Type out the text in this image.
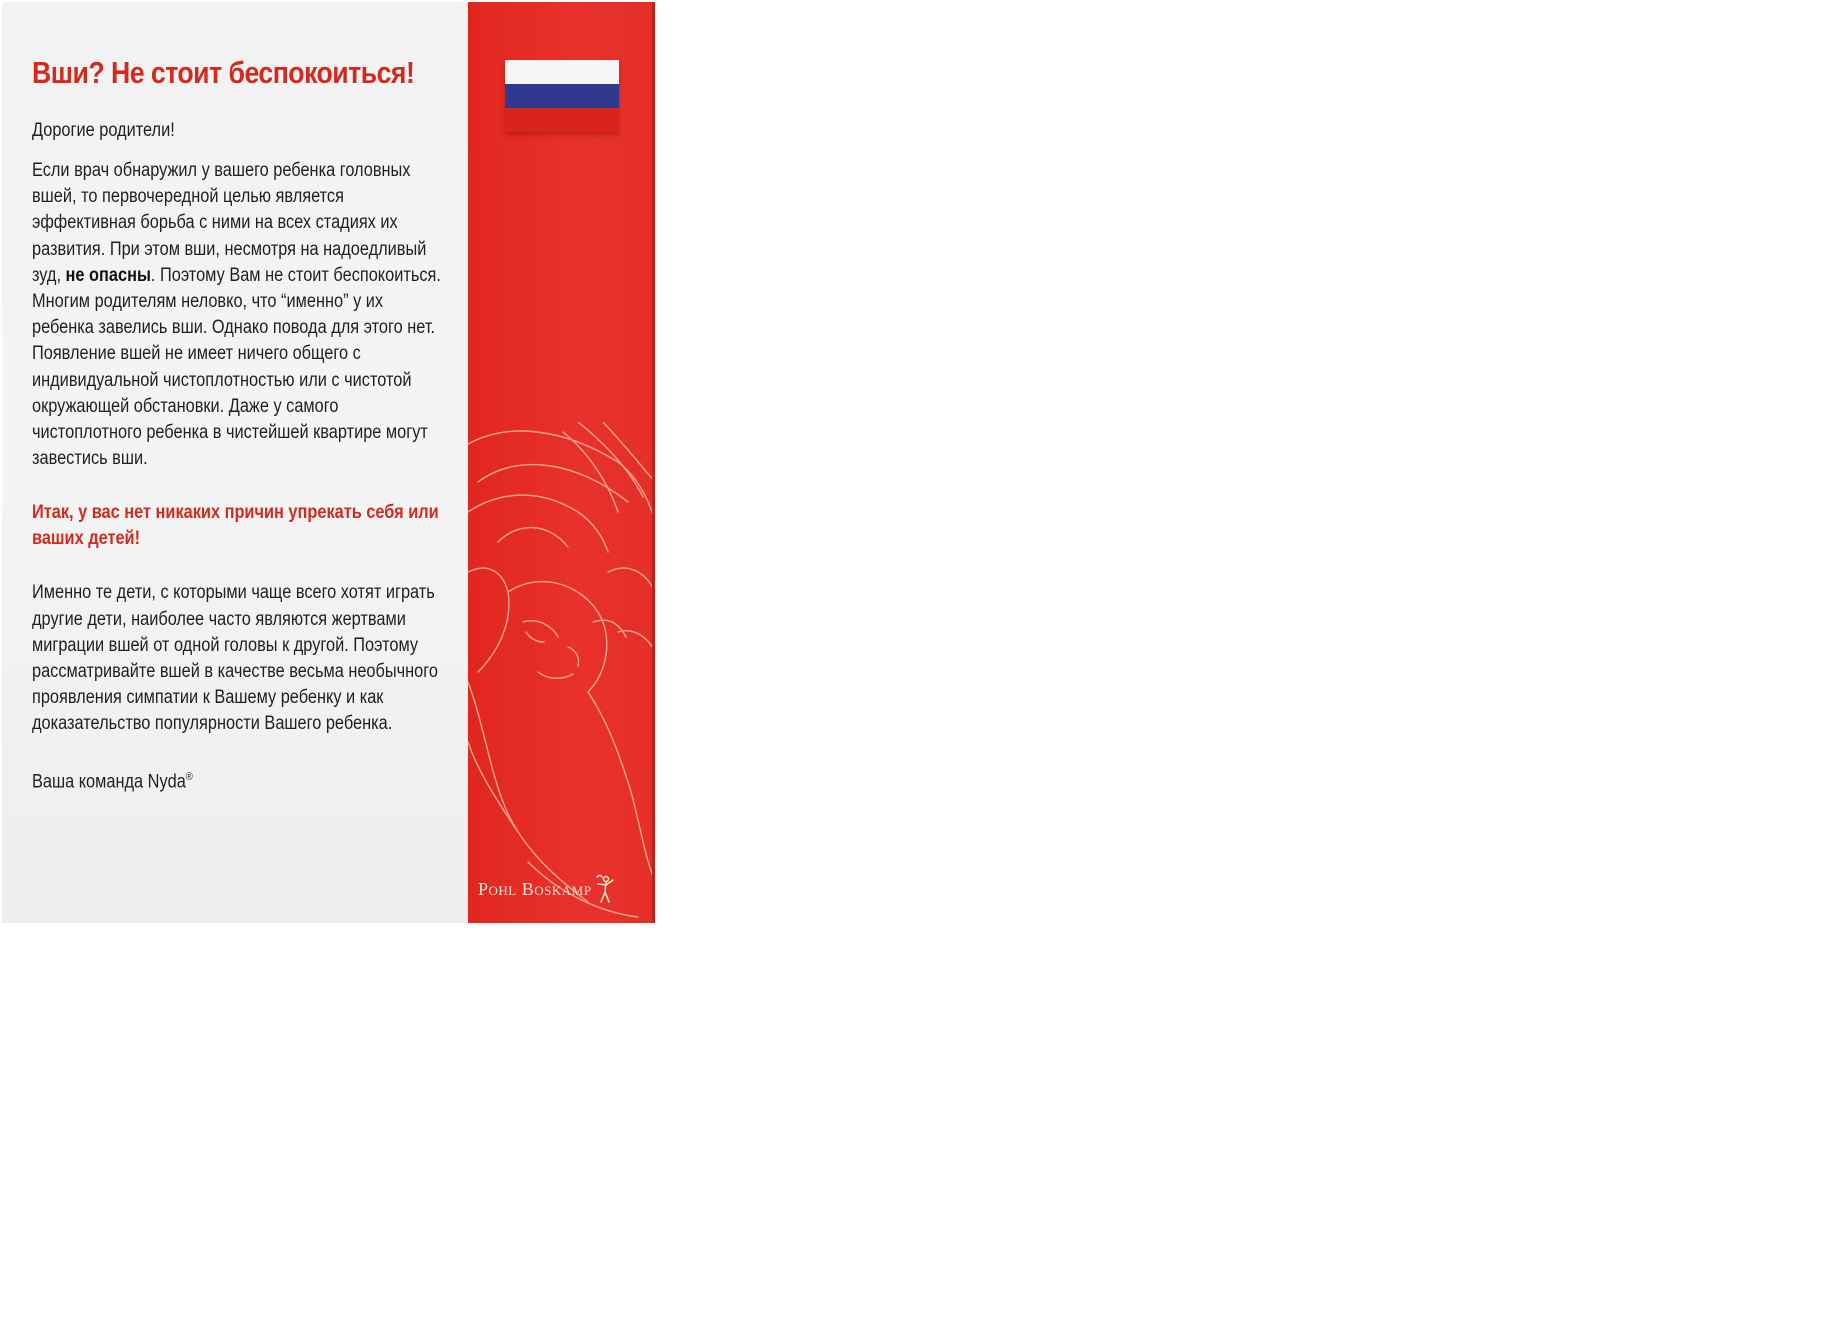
Вши? Не стоит беспокоиться!

Дорогие родители!

Если врач обнаружил у вашего ребенка головных вшей, то первочередной целью является эффективная борьба с ними на всех стадиях их развития. При этом вши, несмотря на надоедливый зуд, не опасны. Поэтому Вам не стоит беспокоиться. Многим родителям неловко, что “именно” у их ребенка завелись вши. Однако повода для этого нет. Появление вшей не имеет ничего общего с индивидуальной чистоплотностью или с чистотой окружающей обстановки. Даже у самого чистоплотного ребенка в чистейшей квартире могут завестись вши.

Итак, у вас нет никаких причин упрекать себя или ваших детей!

Именно те дети, с которыми чаще всего хотят играть другие дети, наиболее часто являются жертвами миграции вшей от одной головы к другой. Поэтому рассматривайте вшей в качестве весьма необычного проявления симпатии к Вашему ребенку и как доказательство популярности Вашего ребенка.

Ваша команда Nyda®

Pohl Boskamp
